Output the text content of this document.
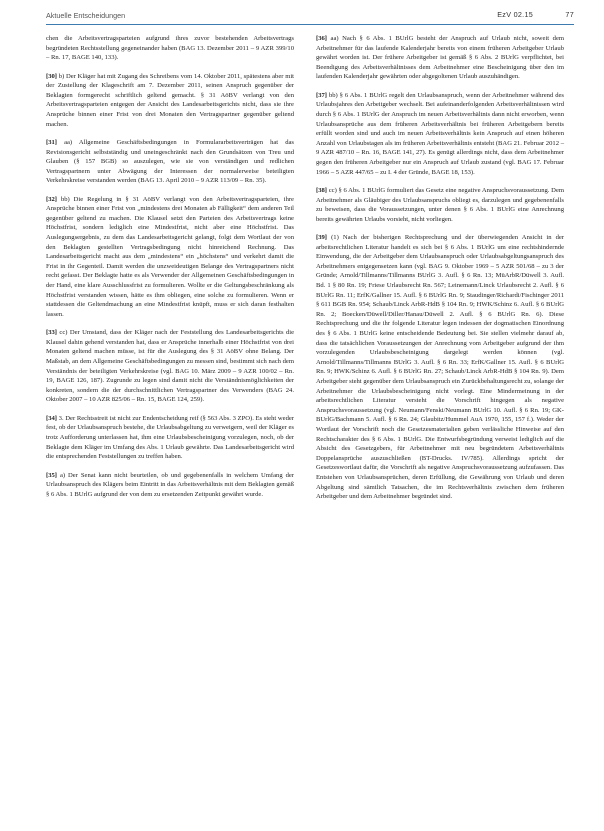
Aktuelle Entscheidungen	EzV 02.15	77

chen die Arbeitsvertragsparteien aufgrund ihres zuvor bestehenden Arbeitsvertrags begründeten Rechtsstellung gegeneinander haben (BAG 13. Dezember 2011 – 9 AZR 399/10 – Rn. 17, BAGE 140, 133).

[30] b) Der Kläger hat mit Zugang des Schreibens vom 14. Oktober 2011, spätestens aber mit der Zustellung der Klageschrift am 7. Dezember 2011, seinen Anspruch gegenüber der Beklagten formgerecht schriftlich geltend gemacht. § 31 AöBV verlangt von den Arbeitsvertragsparteien entgegen der Ansicht des Landesarbeitsgerichts nicht, dass sie ihre Ansprüche binnen einer Frist von drei Monaten den Vertragspartner gegenüber geltend machen.

[31] aa) Allgemeine Geschäftsbedingungen in Formulararbeitsverträgen hat das Revisionsgericht selbstständig und uneingeschränkt nach den Grundsätzen von Treu und Glauben (§ 157 BGB) so auszulegen, wie sie von verständigen und redlichen Vertragspartnern unter Abwägung der Interessen der normalerweise beteiligten Verkehrskreise verstanden werden (BAG 13. April 2010 – 9 AZR 113/09 – Rn. 35).

[32] bb) Die Regelung in § 31 AöBV verlangt von den Arbeitsvertragsparteien, ihre Ansprüche binnen einer Frist von „mindestens drei Monaten ab Fälligkeit“ dem anderen Teil gegenüber geltend zu machen. Die Klausel setzt den Parteien des Arbeitsvertrags keine Höchstfrist, sondern lediglich eine Mindestfrist, nicht aber eine Höchstfrist. Das Auslegungsergebnis, zu dem das Landesarbeitsgericht gelangt, folgt dem Wortlaut der von den Beklagten gestellten Vertragsbedingung nicht hinreichend Rechnung. Das Landesarbeitsgericht macht aus dem „mindestens“ ein „höchstens“ und verkehrt damit die Frist in ihr Gegenteil. Damit werden die unzweideutigen Belange des Vertragspartners nicht recht gefasst. Der Beklagte hatte es als Verwender der Allgemeinen Geschäftsbedingungen in der Hand, eine klare Ausschlussfrist zu formulieren. Wollte er die Geltungsbeschränkung als Höchstfrist verstanden wissen, hätte es ihm obliegen, eine solche zu formulieren. Wenn er stattdessen die Geltendmachung an eine Mindestfrist knüpft, muss er sich daran festhalten lassen.

[33] cc) Der Umstand, dass der Kläger nach der Feststellung des Landesarbeitsgerichts die Klausel dahin gehend verstanden hat, dass er Ansprüche innerhalb einer Höchstfrist von drei Monaten geltend machen müsse, ist für die Auslegung des § 31 AöBV ohne Belang. Der Maßstab, an dem Allgemeine Geschäftsbedingungen zu messen sind, bestimmt sich nach dem Verständnis der beteiligten Verkehrskreise (vgl. BAG 10. März 2009 – 9 AZR 100/02 – Rn. 19, BAGE 126, 187). Zugrunde zu legen sind damit nicht die Verständnismöglichkeiten der konkreten, sondern die der durchschnittlichen Vertragspartner des Verwenders (BAG 24. Oktober 2007 – 10 AZR 825/06 – Rn. 15, BAGE 124, 259).

[34] 3. Der Rechtsstreit ist nicht zur Endentscheidung reif (§ 563 Abs. 3 ZPO). Es steht weder fest, ob der Urlaubsanspruch bestehe, die Urlaubsabgeltung zu verweigern, weil der Kläger es trotz Aufforderung unterlassen hat, ihm eine Urlaubsbescheinigung vorzulegen, noch, ob der Beklagte dem Kläger im Umfang des Abs. 1 Urlaub gewährte. Das Landesarbeitsgericht wird die entsprechenden Feststellungen zu treffen haben.

[35] a) Der Senat kann nicht beurteilen, ob und gegebenenfalls in welchem Umfang der Urlaubsanspruch des Klägers beim Eintritt in das Arbeitsverhältnis mit dem Beklagten gemäß § 6 Abs. 1 BUrlG aufgrund der von dem zu ersetzenden Zeitpunkt gewährt wurde.

[36] aa) Nach § 6 Abs. 1 BUrlG besteht der Anspruch auf Urlaub nicht, soweit dem Arbeitnehmer für das laufende Kalenderjahr bereits von einem früheren Arbeitgeber Urlaub gewährt worden ist. Der frühere Arbeitgeber ist gemäß § 6 Abs. 2 BUrlG verpflichtet, bei Beendigung des Arbeitsverhältnisses dem Arbeitnehmer eine Bescheinigung über den im laufenden Kalenderjahr gewährten oder abgegoltenen Urlaub auszuhändigen.

[37] bb) § 6 Abs. 1 BUrlG regelt den Urlaubsanspruch, wenn der Arbeitnehmer während des Urlaubsjahres den Arbeitgeber wechselt. Bei aufeinanderfolgenden Arbeitsverhältnissen wird durch § 6 Abs. 1 BUrlG der Anspruch im neuen Arbeitsverhältnis dann nicht erworben, wenn Urlaubsansprüche aus dem früheren Arbeitsverhältnis bei früheren Arbeitgebern bereits erfüllt worden sind und auch im neuen Arbeitsverhältnis kein Anspruch auf einen höheren Anzahl von Urlaubstagen als im früheren Arbeitsverhältnis entsteht (BAG 21. Februar 2012 – 9 AZR 487/10 – Rn. 16, BAGE 141, 27). Es genügt allerdings nicht, dass dem Arbeitnehmer gegen den früheren Arbeitgeber nur ein Anspruch auf Urlaub zustand (vgl. BAG 17. Februar 1966 – 5 AZR 447/65 – zu I. 4 der Gründe, BAGE 18, 153).

[38] cc) § 6 Abs. 1 BUrlG formuliert das Gesetz eine negative Anspruchsvoraussetzung. Dem Arbeitnehmer als Gläubiger des Urlaubsanspruchs obliegt es, darzulegen und gegebenenfalls zu beweisen, dass die Voraussetzungen, unter denen § 6 Abs. 1 BUrlG eine Anrechnung bereits gewährten Urlaubs vorsieht, nicht vorliegen.

[39] (1) Nach der bisherigen Rechtsprechung und der überwiegenden Ansicht in der arbeitsrechtlichen Literatur handelt es sich bei § 6 Abs. 1 BUrlG um eine rechtshindernde Einwendung, die der Arbeitgeber dem Urlaubsanspruch oder Urlaubsabgeltungsanspruch des Arbeitnehmers entgegensetzen kann (vgl. BAG 9. Oktober 1969 – 5 AZR 501/68 – zu 3 der Gründe; Arnold/Tillmanns/Tillmanns BUrlG 3. Aufl. § 6 Rn. 13; MüArbR/Düwell 3. Aufl. Bd. 1 § 80 Rn. 19; Friese Urlaubsrecht Rn. 567; Leinemann/Linck Urlaubsrecht 2. Aufl. § 6 BUrlG Rn. 11; ErfK/Gallner 15. Aufl. § 6 BUrlG Rn. 9; Staudinger/Richardi/Fischinger 2011 § 611 BGB Rn. 954; Schaub/Linck ArbR-HdB § 104 Rn. 9; HWK/Schinz 6. Aufl. § 6 BUrlG Rn. 2; Boecken/Düwell/Diller/Hanau/Düwell 2. Aufl. § 6 BUrlG Rn. 6). Diese Rechtsprechung und die ihr folgende Literatur legen indessen der dogmatischen Einordnung des § 6 Abs. 1 BUrlG keine entscheidende Bedeutung bei. Sie stellen vielmehr darauf ab, dass die tatsächlichen Voraussetzungen der Anrechnung vom Arbeitgeber aufgrund der ihm vorzulegenden Urlaubsbescheinigung dargelegt werden können (vgl. Arnold/Tillmanns/Tillmanns BUrlG 3. Aufl. § 6 Rn. 33; ErfK/Gallner 15. Aufl. § 6 BUrlG Rn. 9; HWK/Schinz 6. Aufl. § 6 BUrlG Rn. 27; Schaub/Linck ArbR-HdB § 104 Rn. 9). Dem Arbeitgeber steht gegenüber dem Urlaubsanspruch ein Zurückbehaltungsrecht zu, solange der Arbeitnehmer die Urlaubsbescheinigung nicht vorlegt. Eine Mindermeinung in der arbeitsrechtlichen Literatur versteht die Vorschrift hingegen als negative Anspruchsvoraussetzung (vgl. Neumann/Fenski/Neumann BUrlG 10. Aufl. § 6 Rn. 19; GK-BUrlG/Bachmann 5. Aufl. § 6 Rn. 24; Glaubitz/Hummel AuA 1970, 155, 157 f.). Weder der Wortlaut der Vorschrift noch die Gesetzesmaterialien geben verlässliche Hinweise auf den Rechtscharakter des § 6 Abs. 1 BUrlG. Die Entwurfsbegründung verweist lediglich auf die Absicht des Gesetzgebers, für Arbeitnehmer mit neu begründetem Arbeitsverhältnis Doppelansprüche auszuschließen (BT-Drucks. IV/785). Allerdings spricht der Gesetzeswortlaut dafür, die Vorschrift als negative Anspruchsvoraussetzung aufzufassen. Das Entstehen von Urlaubsansprüchen, deren Erfüllung, die Gewährung von Urlaub und deren Abgeltung sind sämtlich Tatsachen, die im Rechtsverhältnis zwischen dem früheren Arbeitgeber und dem Arbeitnehmer begründet sind.
